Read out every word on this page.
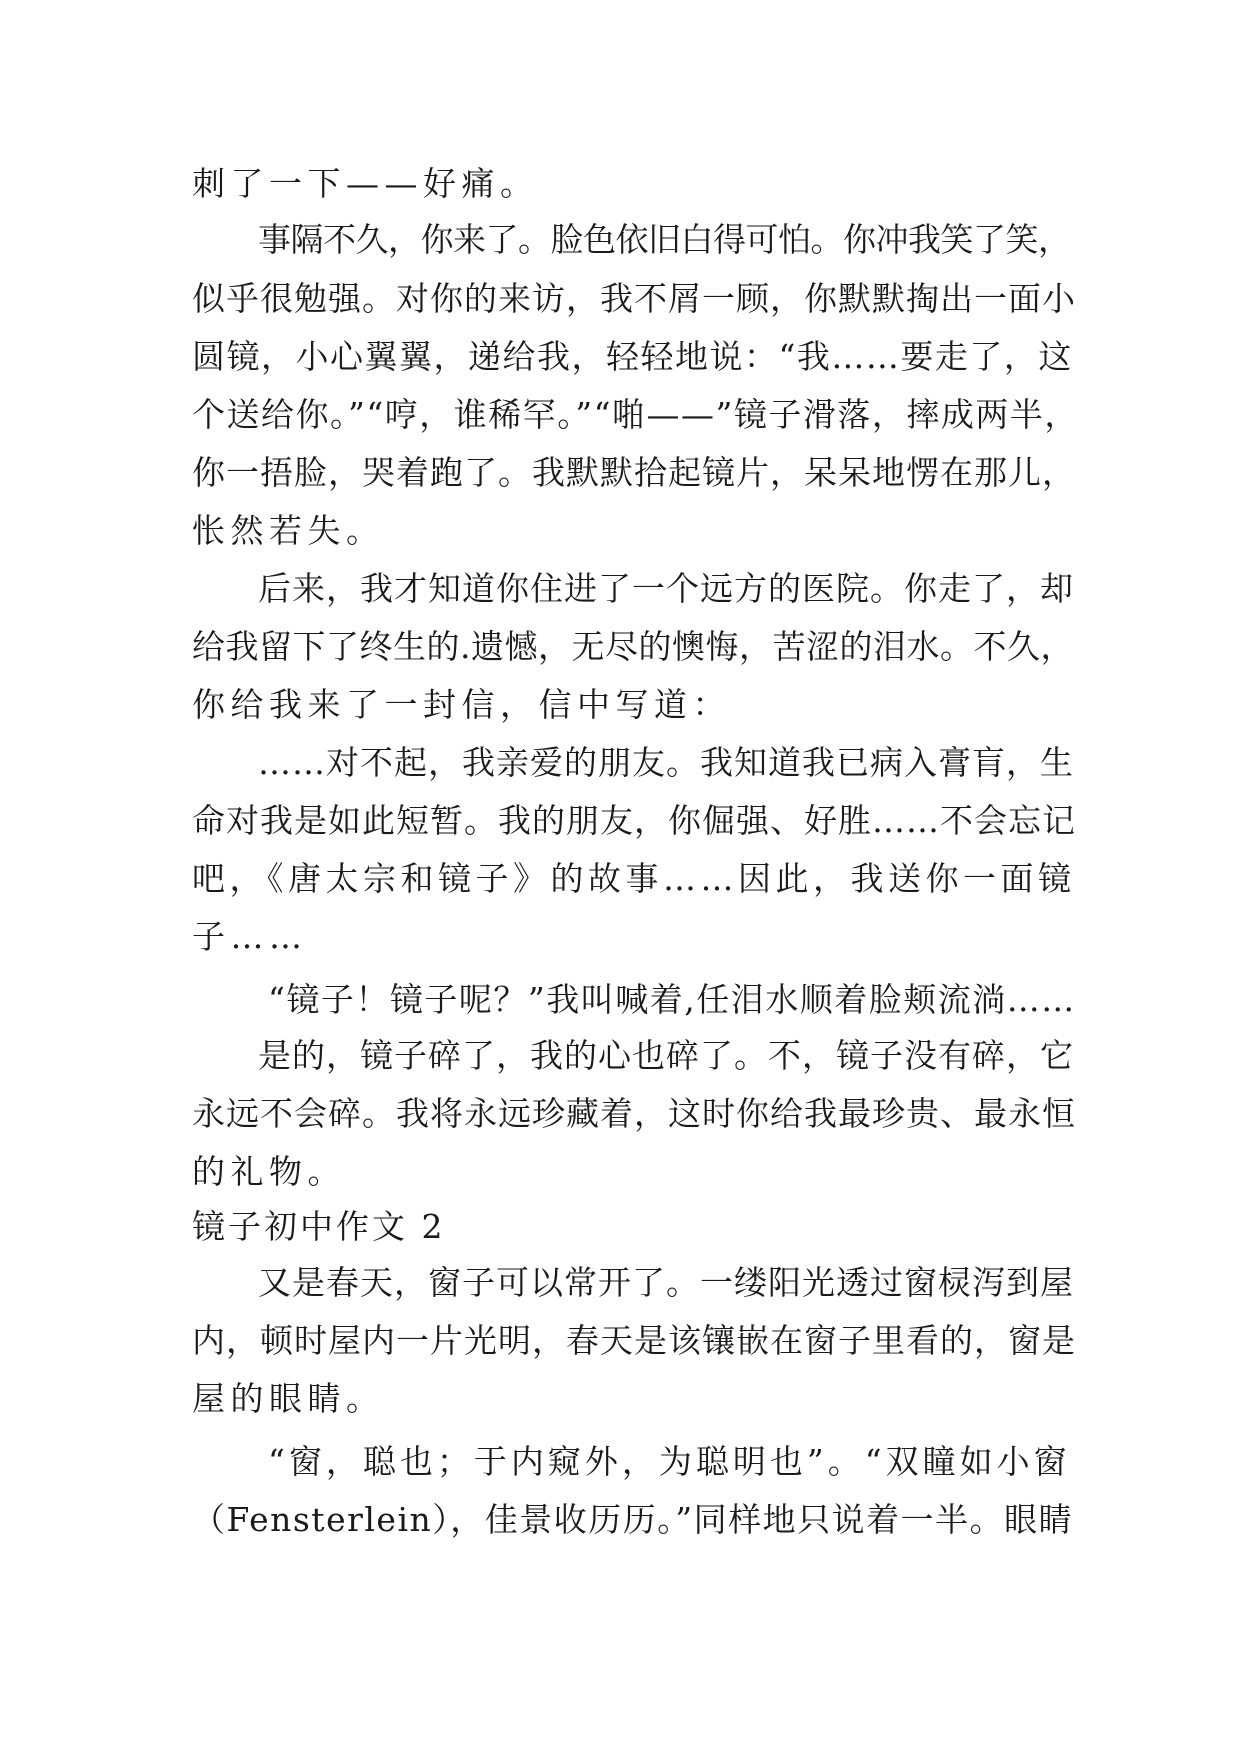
刺了一下——好痛。
事隔不久，你来了。脸色依旧白得可怕。你冲我笑了笑，
似乎很勉强。对你的来访，我不屑一顾，你默默掏出一面小
圆镜，小心翼翼，递给我，轻轻地说：“我……要走了，这
个送给你。”“哼，谁稀罕。”“啪——”镜子滑落，摔成两半，
你一捂脸，哭着跑了。我默默拾起镜片，呆呆地愣在那儿，
怅然若失。
后来，我才知道你住进了一个远方的医院。你走了，却
给我留下了终生的.遗憾，无尽的懊悔，苦涩的泪水。不久，
你给我来了一封信，信中写道：
……对不起，我亲爱的朋友。我知道我已病入膏肓，生
命对我是如此短暂。我的朋友，你倔强、好胜……不会忘记
吧，《唐太宗和镜子》的故事……因此，我送你一面镜
子……
“镜子！镜子呢？”我叫喊着,任泪水顺着脸颊流淌……
是的，镜子碎了，我的心也碎了。不，镜子没有碎，它
永远不会碎。我将永远珍藏着，这时你给我最珍贵、最永恒
的礼物。
镜子初中作文 2
又是春天，窗子可以常开了。一缕阳光透过窗棂泻到屋
内，顿时屋内一片光明，春天是该镶嵌在窗子里看的，窗是
屋的眼睛。
“窗，聪也；于内窥外，为聪明也”。“双瞳如小窗
（Fensterlein），佳景收历历。”同样地只说着一半。眼睛
